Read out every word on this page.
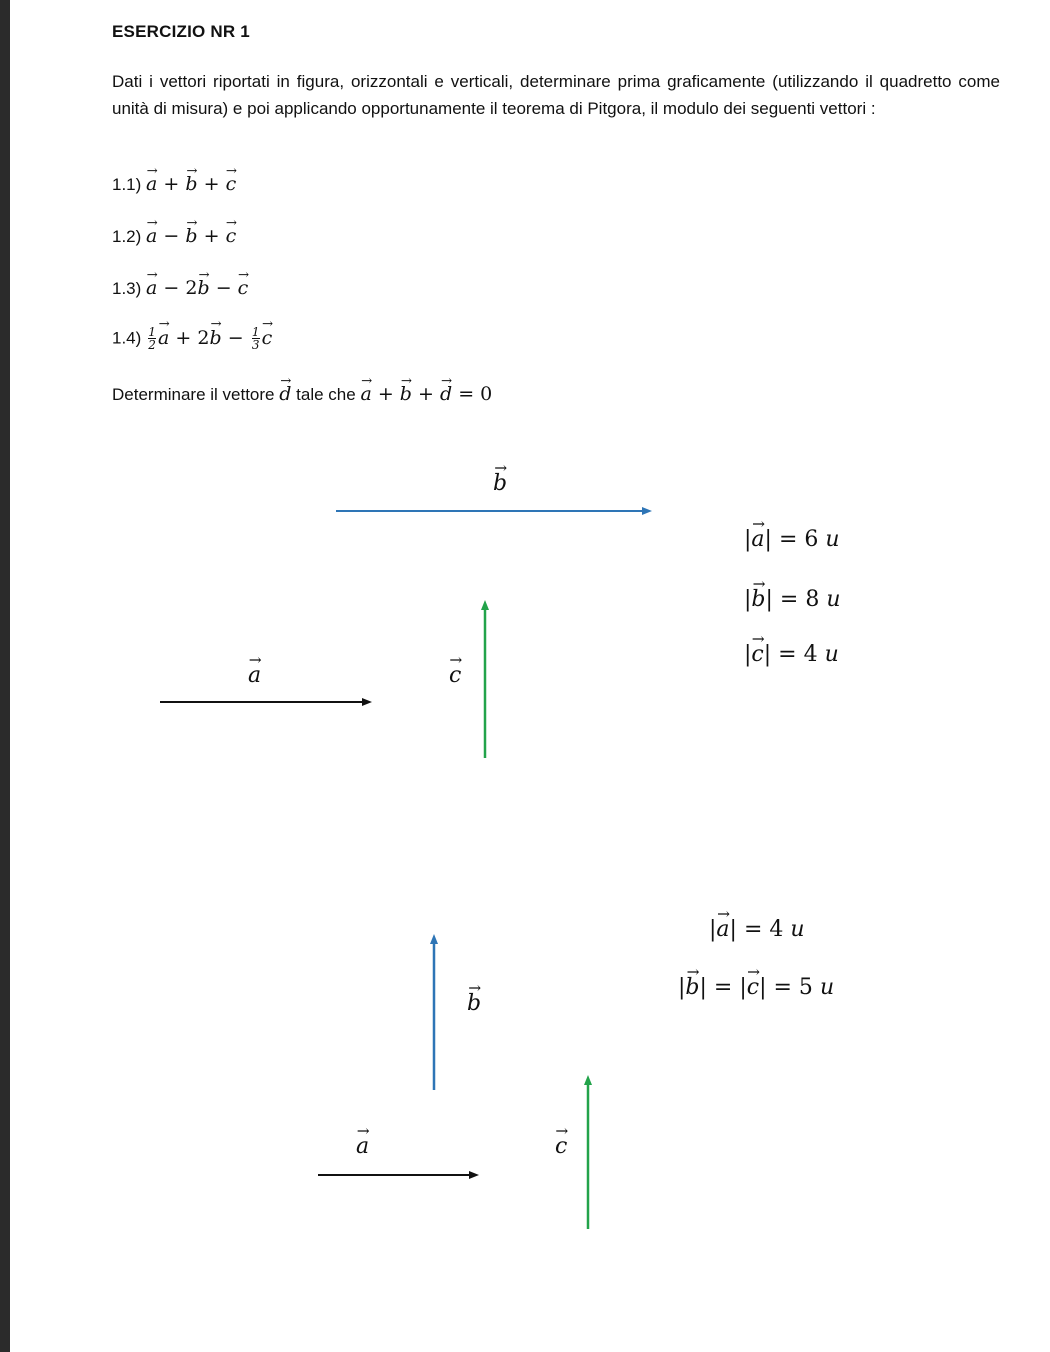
ESERCIZIO NR 1
Dati i vettori riportati in figura, orizzontali e verticali, determinare prima graficamente (utilizzando il quadretto come unità di misura) e poi applicando opportunamente il teorema di Pitgora, il modulo dei seguenti vettori :
1.1) a → + b → + c →
1.2) a → − b → + c →
1.3) a → − 2b → − c →
$1.4) \frac{1}{2}$ a → + 2b → − $\frac{1}{3}$ c →
Determinare il vettore d → tale che a → + b → + d → = 0
b →
a →	c →
|a →| = 6 u
|b →| = 8 u
|c →| = 4 u
b →
a →	c →
|a →| = 4 u
|b →| = |c →| = 5 u
